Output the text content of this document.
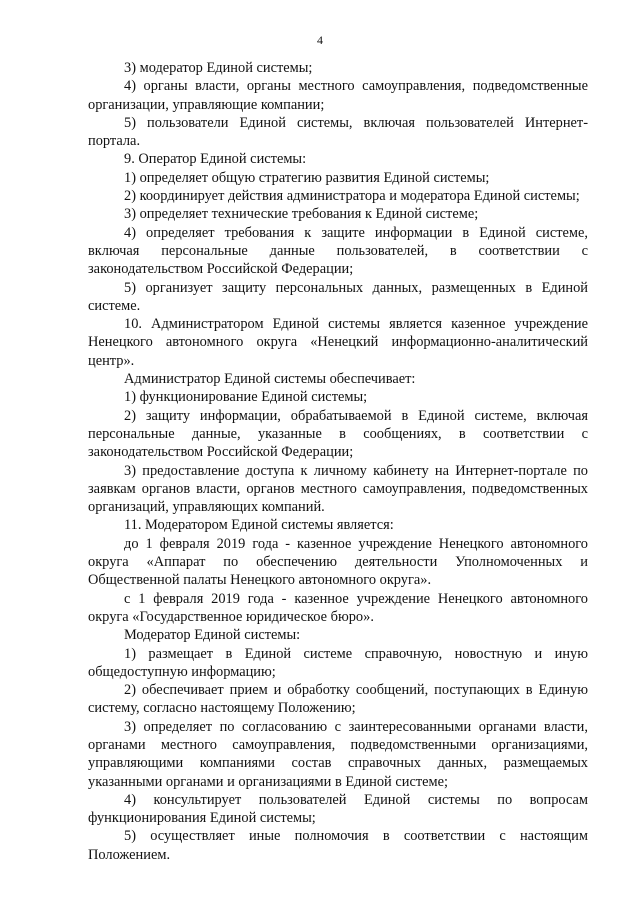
4

3) модератор Единой системы;

4) органы власти, органы местного самоуправления, подведомственные организации, управляющие компании;

5) пользователи Единой системы, включая пользователей Интернет-портала.

9. Оператор Единой системы:

1) определяет общую стратегию развития Единой системы;

2) координирует действия администратора и модератора Единой системы;

3) определяет технические требования к Единой системе;

4) определяет требования к защите информации в Единой системе, включая персональные данные пользователей, в соответствии с законодательством Российской Федерации;

5) организует защиту персональных данных, размещенных в Единой системе.

10. Администратором Единой системы является казенное учреждение Ненецкого автономного округа «Ненецкий информационно-аналитический центр».

Администратор Единой системы обеспечивает:

1) функционирование Единой системы;

2) защиту информации, обрабатываемой в Единой системе, включая персональные данные, указанные в сообщениях, в соответствии с законодательством Российской Федерации;

3) предоставление доступа к личному кабинету на Интернет-портале по заявкам органов власти, органов местного самоуправления, подведомственных организаций, управляющих компаний.

11. Модератором Единой системы является:

до 1 февраля 2019 года - казенное учреждение Ненецкого автономного округа «Аппарат по обеспечению деятельности Уполномоченных и Общественной палаты Ненецкого автономного округа».

с 1 февраля 2019 года - казенное учреждение Ненецкого автономного округа «Государственное юридическое бюро».

Модератор Единой системы:

1) размещает в Единой системе справочную, новостную и иную общедоступную информацию;

2) обеспечивает прием и обработку сообщений, поступающих в Единую систему, согласно настоящему Положению;

3) определяет по согласованию с заинтересованными органами власти, органами местного самоуправления, подведомственными организациями, управляющими компаниями состав справочных данных, размещаемых указанными органами и организациями в Единой системе;

4) консультирует пользователей Единой системы по вопросам функционирования Единой системы;

5) осуществляет иные полномочия в соответствии с настоящим Положением.
